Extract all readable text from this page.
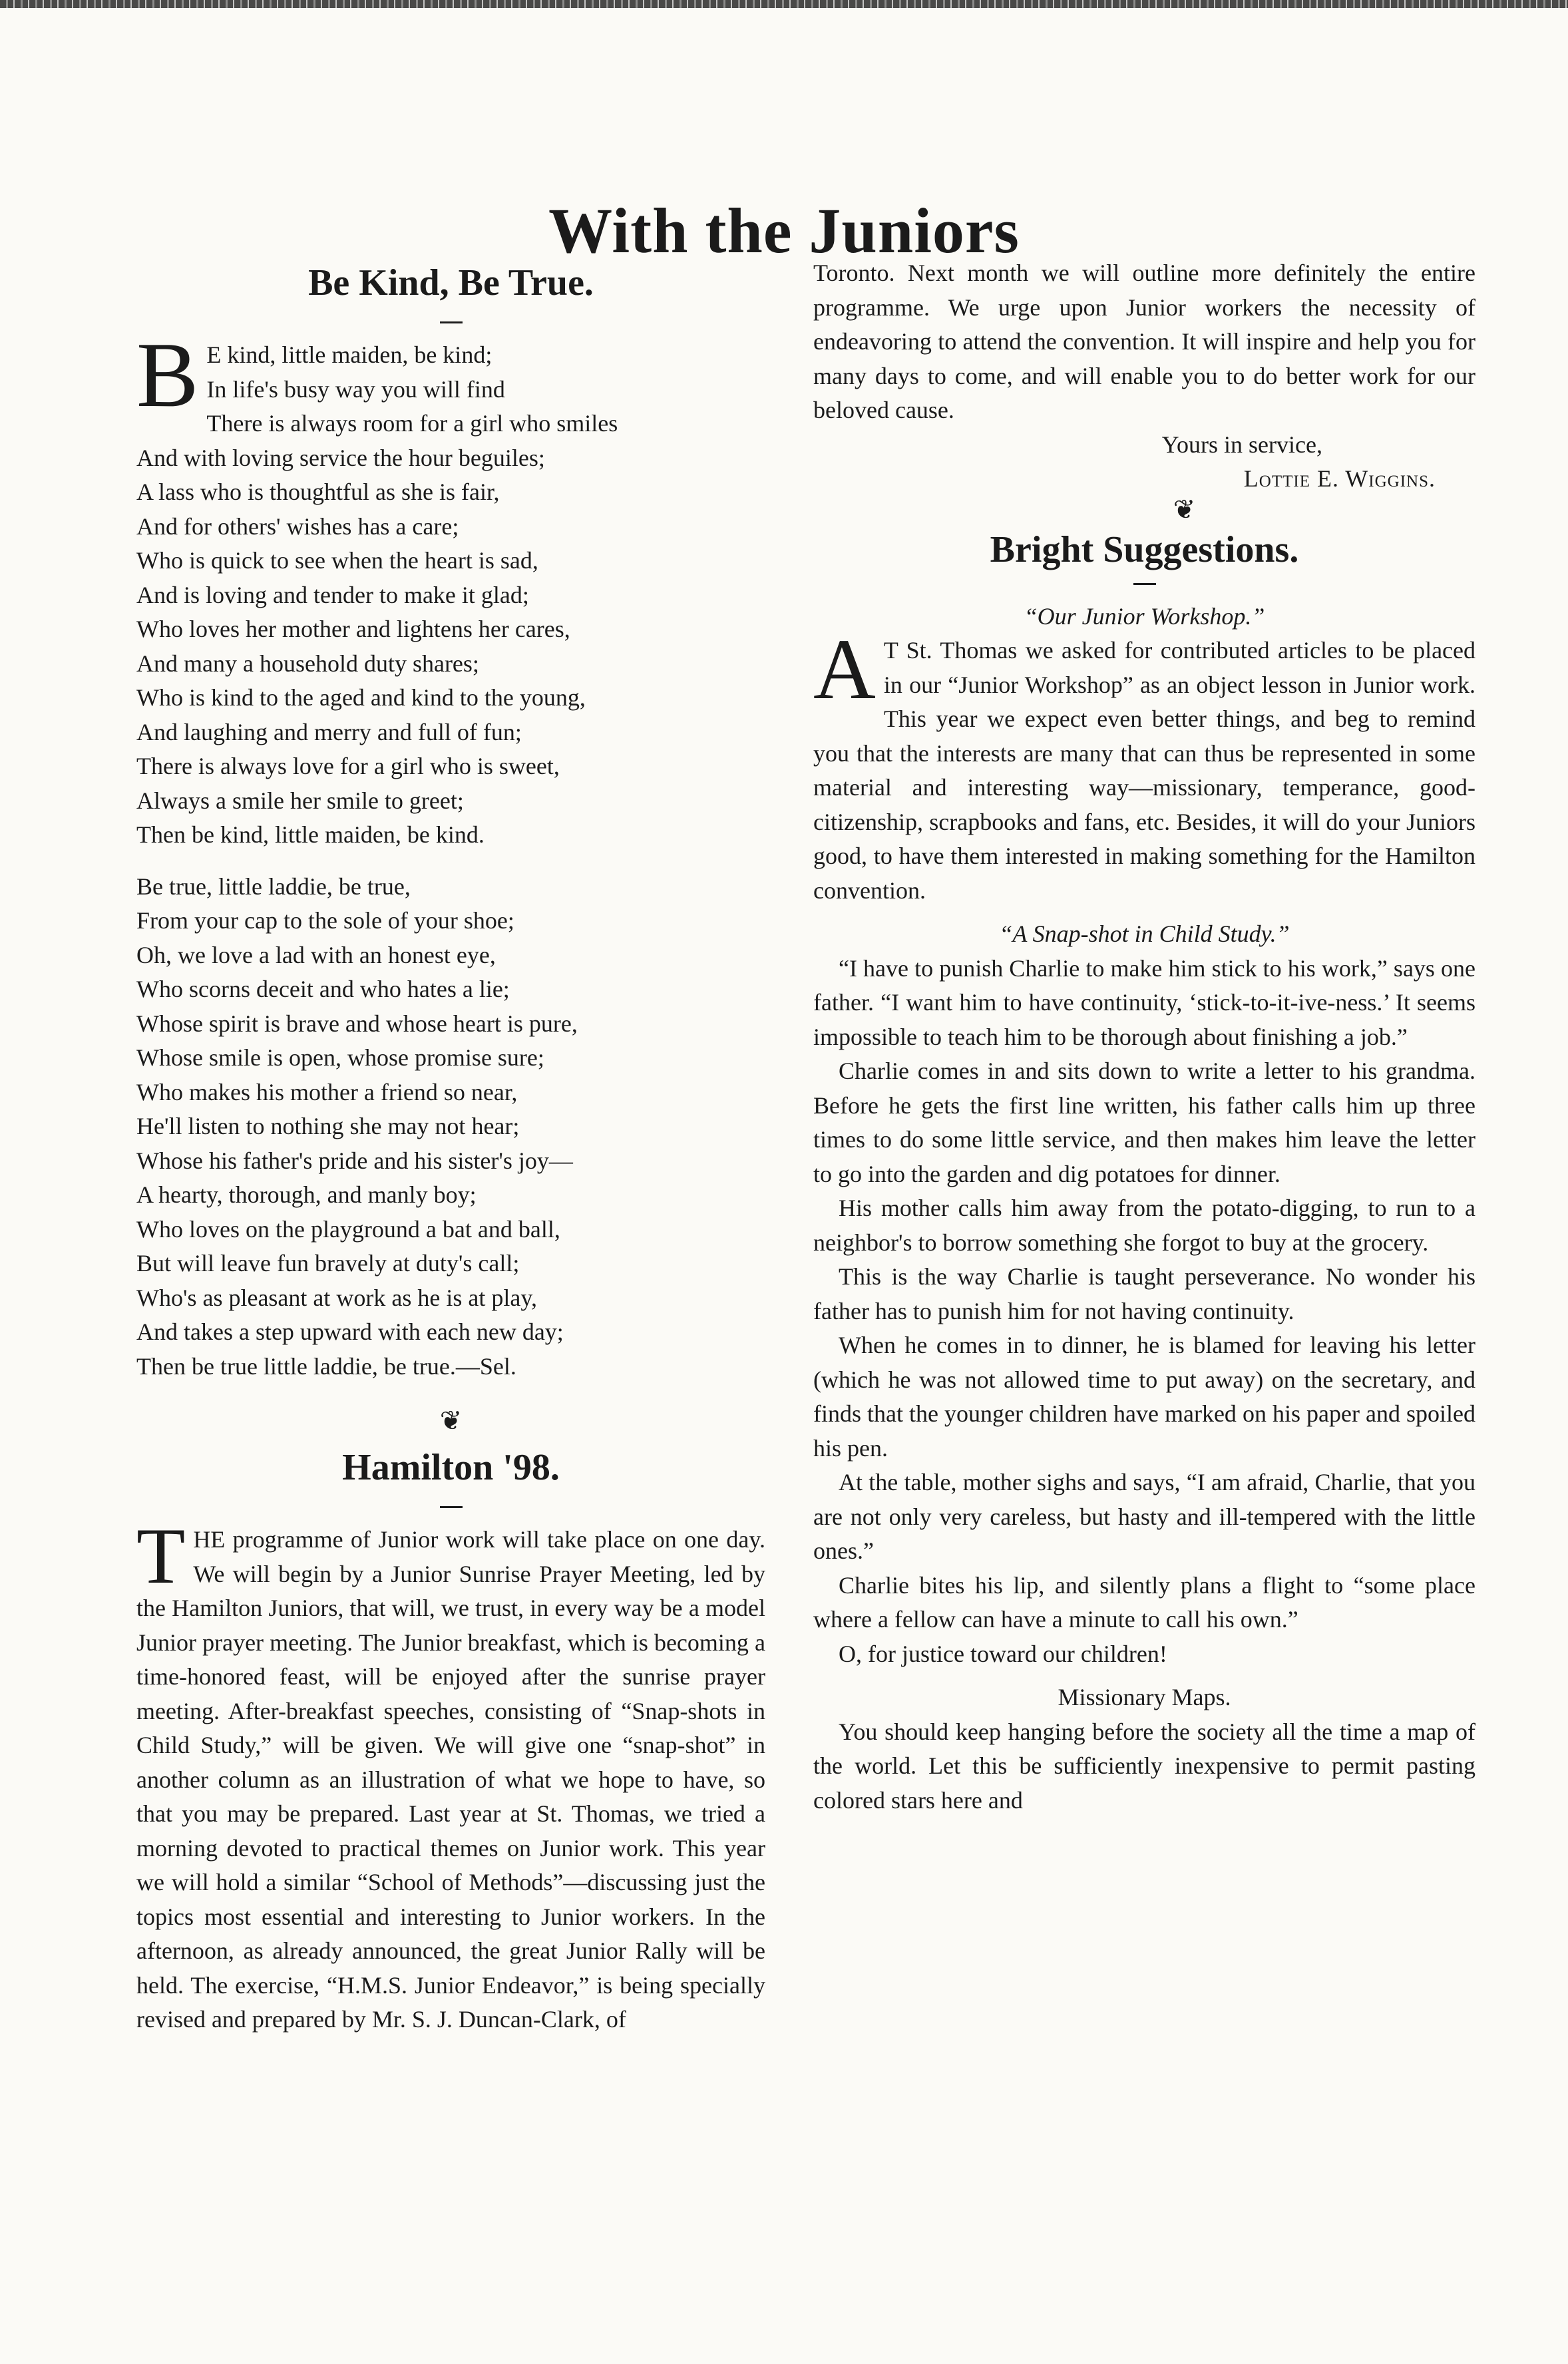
With the Juniors
Be Kind, Be True.
B E kind, little maiden, be kind;
In life's busy way you will find
There is always room for a girl who smiles
And with loving service the hour beguiles;
A lass who is thoughtful as she is fair,
And for others' wishes has a care;
Who is quick to see when the heart is sad,
And is loving and tender to make it glad;
Who loves her mother and lightens her cares,
And many a household duty shares;
Who is kind to the aged and kind to the young,
And laughing and merry and full of fun;
There is always love for a girl who is sweet,
Always a smile her smile to greet;
Then be kind, little maiden, be kind.
Be true, little laddie, be true,
From your cap to the sole of your shoe;
Oh, we love a lad with an honest eye,
Who scorns deceit and who hates a lie;
Whose spirit is brave and whose heart is pure,
Whose smile is open, whose promise sure;
Who makes his mother a friend so near,
He'll listen to nothing she may not hear;
Whose his father's pride and his sister's joy—
A hearty, thorough, and manly boy;
Who loves on the playground a bat and ball,
But will leave fun bravely at duty's call;
Who's as pleasant at work as he is at play,
And takes a step upward with each new day;
Then be true little laddie, be true.—Sel.
❦
Hamilton '98.

THE programme of Junior work will take place on one day. We will begin by a Junior Sunrise Prayer Meeting, led by the Hamilton Juniors, that will, we trust, in every way be a model Junior prayer meeting. The Junior breakfast, which is becoming a time-honored feast, will be enjoyed after the sunrise prayer meeting. After-breakfast speeches, consisting of “Snap-shots in Child Study,” will be given. We will give one “snap-shot” in another column as an illustration of what we hope to have, so that you may be prepared. Last year at St. Thomas, we tried a morning devoted to practical themes on Junior work. This year we will hold a similar “School of Methods”—discussing just the topics most essential and interesting to Junior workers. In the afternoon, as already announced, the great Junior Rally will be held. The exercise, “H.M.S. Junior Endeavor,” is being specially revised and prepared by Mr. S. J. Duncan-Clark, of

Toronto. Next month we will outline more definitely the entire programme. We urge upon Junior workers the necessity of endeavoring to attend the convention. It will inspire and help you for many days to come, and will enable you to do better work for our beloved cause.

Yours in service,

Lottie E. Wiggins.

❦
Bright Suggestions.

“Our Junior Workshop.”

A T St. Thomas we asked for contributed articles to be placed in our “Junior Workshop” as an object lesson in Junior work. This year we expect even better things, and beg to remind you that the interests are many that can thus be represented in some material and interesting way—missionary, temperance, good-citizenship, scrapbooks and fans, etc. Besides, it will do your Juniors good, to have them interested in making something for the Hamilton convention.

“A Snap-shot in Child Study.”

“I have to punish Charlie to make him stick to his work,” says one father. “I want him to have continuity, ‘stick-to-it-ive-ness.’ It seems impossible to teach him to be thorough about finishing a job.”

Charlie comes in and sits down to write a letter to his grandma. Before he gets the first line written, his father calls him up three times to do some little service, and then makes him leave the letter to go into the garden and dig potatoes for dinner.

His mother calls him away from the potato-digging, to run to a neighbor's to borrow something she forgot to buy at the grocery.

This is the way Charlie is taught perseverance. No wonder his father has to punish him for not having continuity.

When he comes in to dinner, he is blamed for leaving his letter (which he was not allowed time to put away) on the secretary, and finds that the younger children have marked on his paper and spoiled his pen.

At the table, mother sighs and says, “I am afraid, Charlie, that you are not only very careless, but hasty and ill-tempered with the little ones.”

Charlie bites his lip, and silently plans a flight to “some place where a fellow can have a minute to call his own.”

O, for justice toward our children!

Missionary Maps.

You should keep hanging before the society all the time a map of the world. Let this be sufficiently inexpensive to permit pasting colored stars here and
